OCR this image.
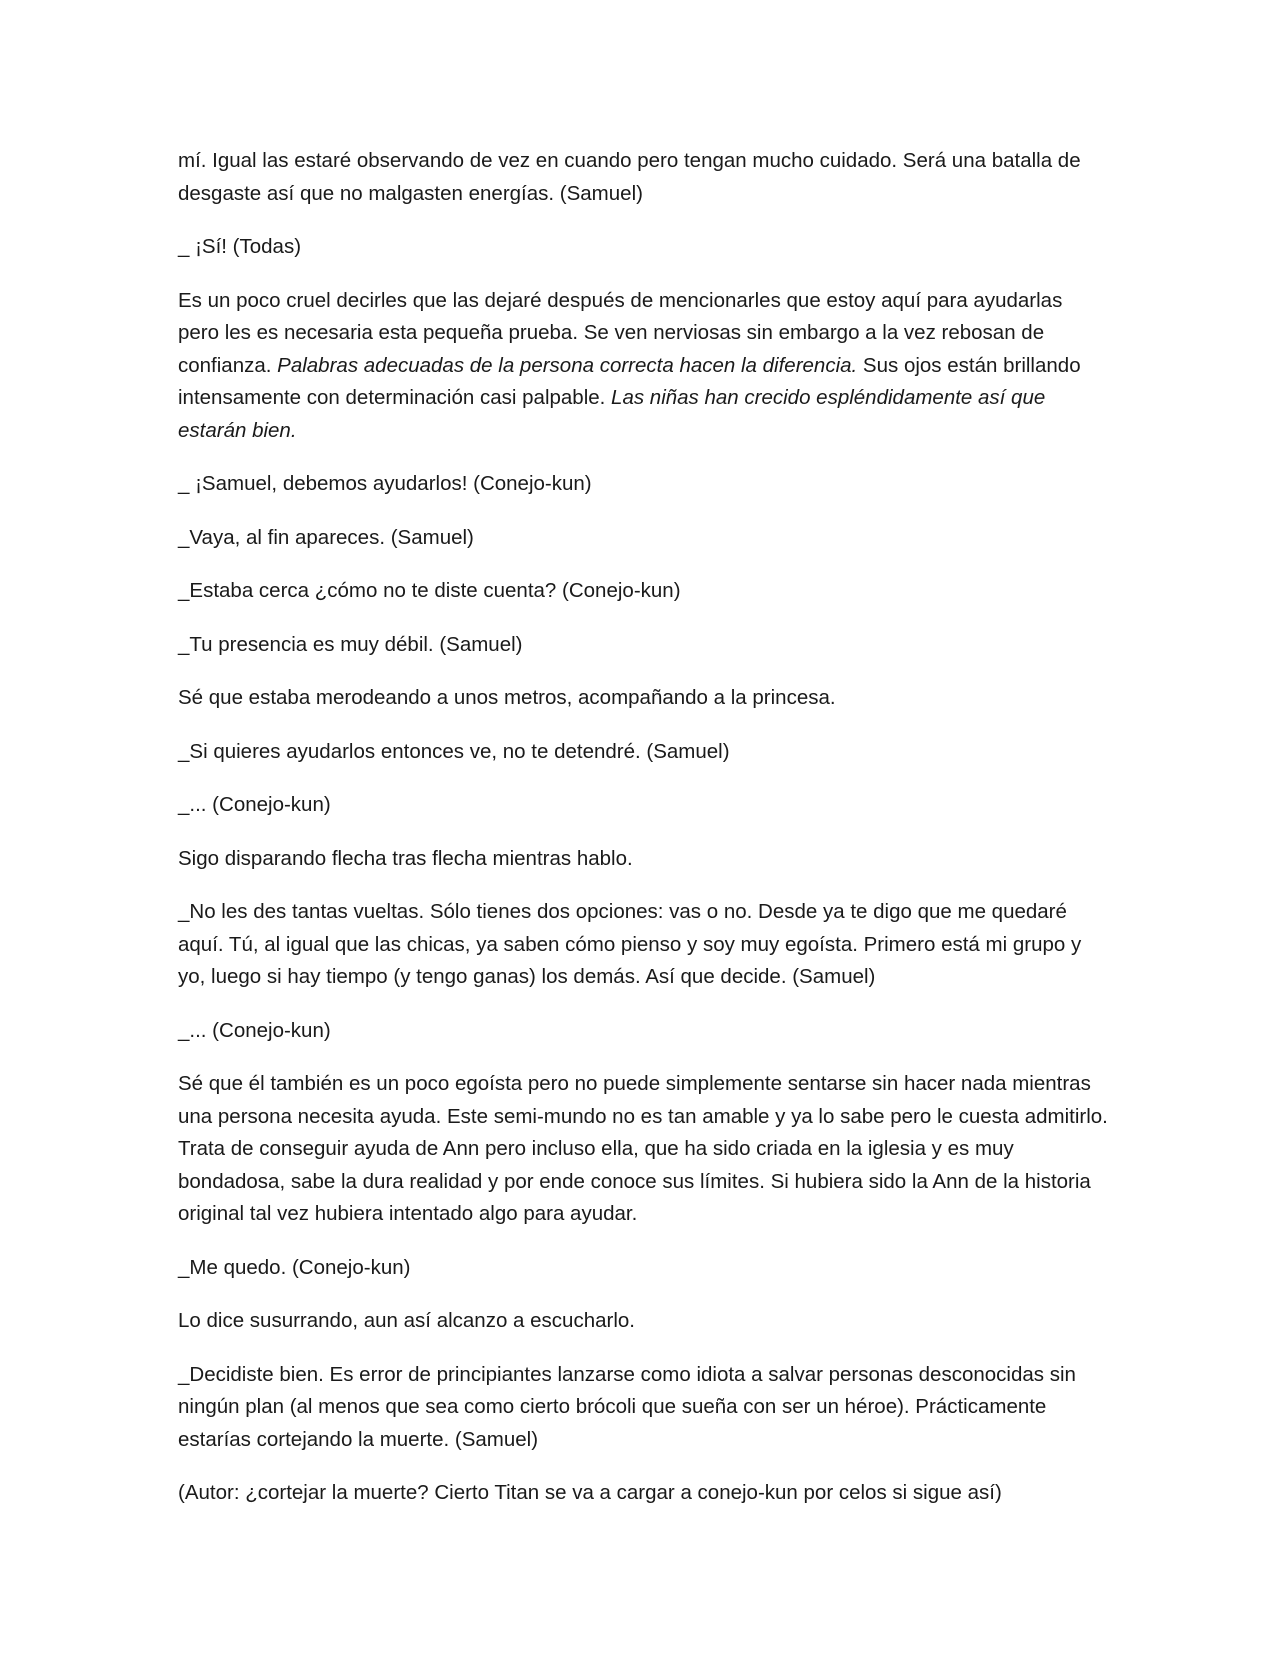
mí. Igual las estaré observando de vez en cuando pero tengan mucho cuidado. Será una batalla de desgaste así que no malgasten energías. (Samuel)

_ ¡Sí! (Todas)

Es un poco cruel decirles que las dejaré después de mencionarles que estoy aquí para ayudarlas pero les es necesaria esta pequeña prueba. Se ven nerviosas sin embargo a la vez rebosan de confianza. Palabras adecuadas de la persona correcta hacen la diferencia. Sus ojos están brillando intensamente con determinación casi palpable. Las niñas han crecido espléndidamente así que estarán bien.

_ ¡Samuel, debemos ayudarlos! (Conejo-kun)

_Vaya, al fin apareces. (Samuel)

_Estaba cerca ¿cómo no te diste cuenta? (Conejo-kun)

_Tu presencia es muy débil. (Samuel)

Sé que estaba merodeando a unos metros, acompañando a la princesa.

_Si quieres ayudarlos entonces ve, no te detendré. (Samuel)

_... (Conejo-kun)

Sigo disparando flecha tras flecha mientras hablo.

_No les des tantas vueltas. Sólo tienes dos opciones: vas o no. Desde ya te digo que me quedaré aquí. Tú, al igual que las chicas, ya saben cómo pienso y soy muy egoísta. Primero está mi grupo y yo, luego si hay tiempo (y tengo ganas) los demás. Así que decide. (Samuel)

_... (Conejo-kun)

Sé que él también es un poco egoísta pero no puede simplemente sentarse sin hacer nada mientras una persona necesita ayuda. Este semi-mundo no es tan amable y ya lo sabe pero le cuesta admitirlo. Trata de conseguir ayuda de Ann pero incluso ella, que ha sido criada en la iglesia y es muy bondadosa, sabe la dura realidad y por ende conoce sus límites. Si hubiera sido la Ann de la historia original tal vez hubiera intentado algo para ayudar.

_Me quedo. (Conejo-kun)

Lo dice susurrando, aun así alcanzo a escucharlo.

_Decidiste bien. Es error de principiantes lanzarse como idiota a salvar personas desconocidas sin ningún plan (al menos que sea como cierto brócoli que sueña con ser un héroe). Prácticamente estarías cortejando la muerte. (Samuel)

(Autor: ¿cortejar la muerte? Cierto Titan se va a cargar a conejo-kun por celos si sigue así)
